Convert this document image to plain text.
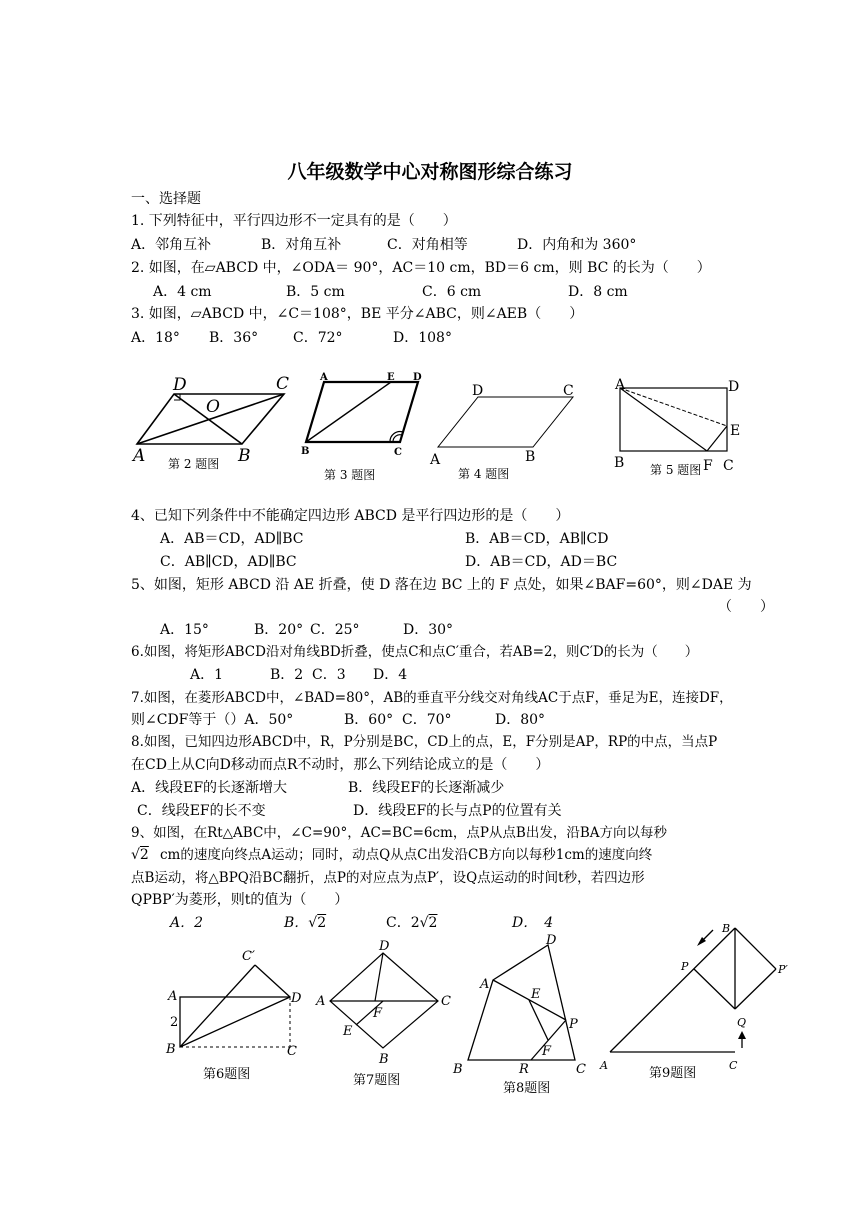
八年级数学中心对称图形综合练习
一、选择题
1. 下列特征中，平行四边形不一定具有的是（　　）
A．邻角互补	B．对角互补	C．对角相等	D．内角和为 360°
2. 如图，在▱ABCD 中，∠ODA＝ 90°，AC＝10 cm，BD＝6 cm，则 BC 的长为（　　）
A．4 cm	B．5 cm	C．6 cm	D．8 cm
3. 如图，▱ABCD 中，∠C＝108°，BE 平分∠ABC，则∠AEB（　　）
A．18° B．36° C．72°	D．108°
D	C
O
A	B
第 2 题图
A	E D
B	C
第 3 题图
D	C
A	B
第 4 题图
A	D
E
B	F C
第 5 题图
4、已知下列条件中不能确定四边形 ABCD 是平行四边形的是（　　）
A．AB＝CD，AD∥BC	B．AB＝CD，AB∥CD
C．AB∥CD，AD∥BC	D．AB＝CD，AD＝BC
5、如图，矩形 ABCD 沿 AE 折叠，使 D 落在边 BC 上的 F 点处，如果∠BAF=60°，则∠DAE 为
（　　）
A．15°	B．20° C．25°	D．30°
6.如图，将矩形ABCD沿对角线BD折叠，使点C和点C′重合，若AB=2，则C′D的长为（　　）
A．1	B．2 C．3 D．4
7.如图，在菱形ABCD中，∠BAD=80°，AB的垂直平分线交对角线AC于点F，垂足为E，连接DF，
则∠CDF等于（）A．50°	B．60° C．70°	D．80°
8.如图，已知四边形ABCD中，R，P分别是BC，CD上的点，E，F分别是AP，RP的中点，当点P
在CD上从C向D移动而点R不动时，那么下列结论成立的是（　　）
A．线段EF的长逐渐增大	B．线段EF的长逐渐减少
C．线段EF的长不变	D．线段EF的长与点P的位置有关
9、如图，在Rt△ABC中，∠C=90°，AC=BC=6cm，点P从点B出发，沿BA方向以每秒
√2 cm的速度向终点A运动；同时，动点Q从点C出发沿CB方向以每秒1cm的速度向终
点B运动，将△BPQ沿BC翻折，点P的对应点为点P′，设Q点运动的时间t秒，若四边形
QPBP′为菱形，则t的值为（　　）
A．2	B．√2	C．2√2	D．　4
C′
A	D
2
B	C
第6题图
D
A
F
C
E
B
第7题图
D
A
E
P
F
B	R	C
第8题图
B
P	P′
Q
A	C
第9题图
